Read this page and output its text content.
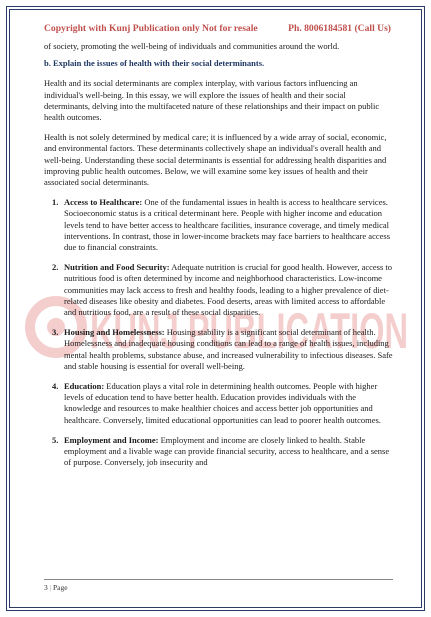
Copyright with Kunj Publication only Not for resale	Ph. 8006184581 (Call Us)
KUNJ PUBLICATION

of society, promoting the well-being of individuals and communities around the world.

b. Explain the issues of health with their social determinants.

Health and its social determinants are complex interplay, with various factors influencing an individual's well-being. In this essay, we will explore the issues of health and their social determinants, delving into the multifaceted nature of these relationships and their impact on public health outcomes.

Health is not solely determined by medical care; it is influenced by a wide array of social, economic, and environmental factors. These determinants collectively shape an individual's overall health and well-being. Understanding these social determinants is essential for addressing health disparities and improving public health outcomes. Below, we will examine some key issues of health and their associated social determinants.

1. Access to Healthcare: One of the fundamental issues in health is access to healthcare services. Socioeconomic status is a critical determinant here. People with higher income and education levels tend to have better access to healthcare facilities, insurance coverage, and timely medical interventions. In contrast, those in lower-income brackets may face barriers to healthcare access due to financial constraints.
2. Nutrition and Food Security: Adequate nutrition is crucial for good health. However, access to nutritious food is often determined by income and neighborhood characteristics. Low-income communities may lack access to fresh and healthy foods, leading to a higher prevalence of diet-related diseases like obesity and diabetes. Food deserts, areas with limited access to affordable and nutritious food, are a result of these social disparities.
3. Housing and Homelessness: Housing stability is a significant social determinant of health. Homelessness and inadequate housing conditions can lead to a range of health issues, including mental health problems, substance abuse, and increased vulnerability to infectious diseases. Safe and stable housing is essential for overall well-being.
4. Education: Education plays a vital role in determining health outcomes. People with higher levels of education tend to have better health. Education provides individuals with the knowledge and resources to make healthier choices and access better job opportunities and healthcare. Conversely, limited educational opportunities can lead to poorer health outcomes.
5. Employment and Income: Employment and income are closely linked to health. Stable employment and a livable wage can provide financial security, access to healthcare, and a sense of purpose. Conversely, job insecurity and
3 | Page
